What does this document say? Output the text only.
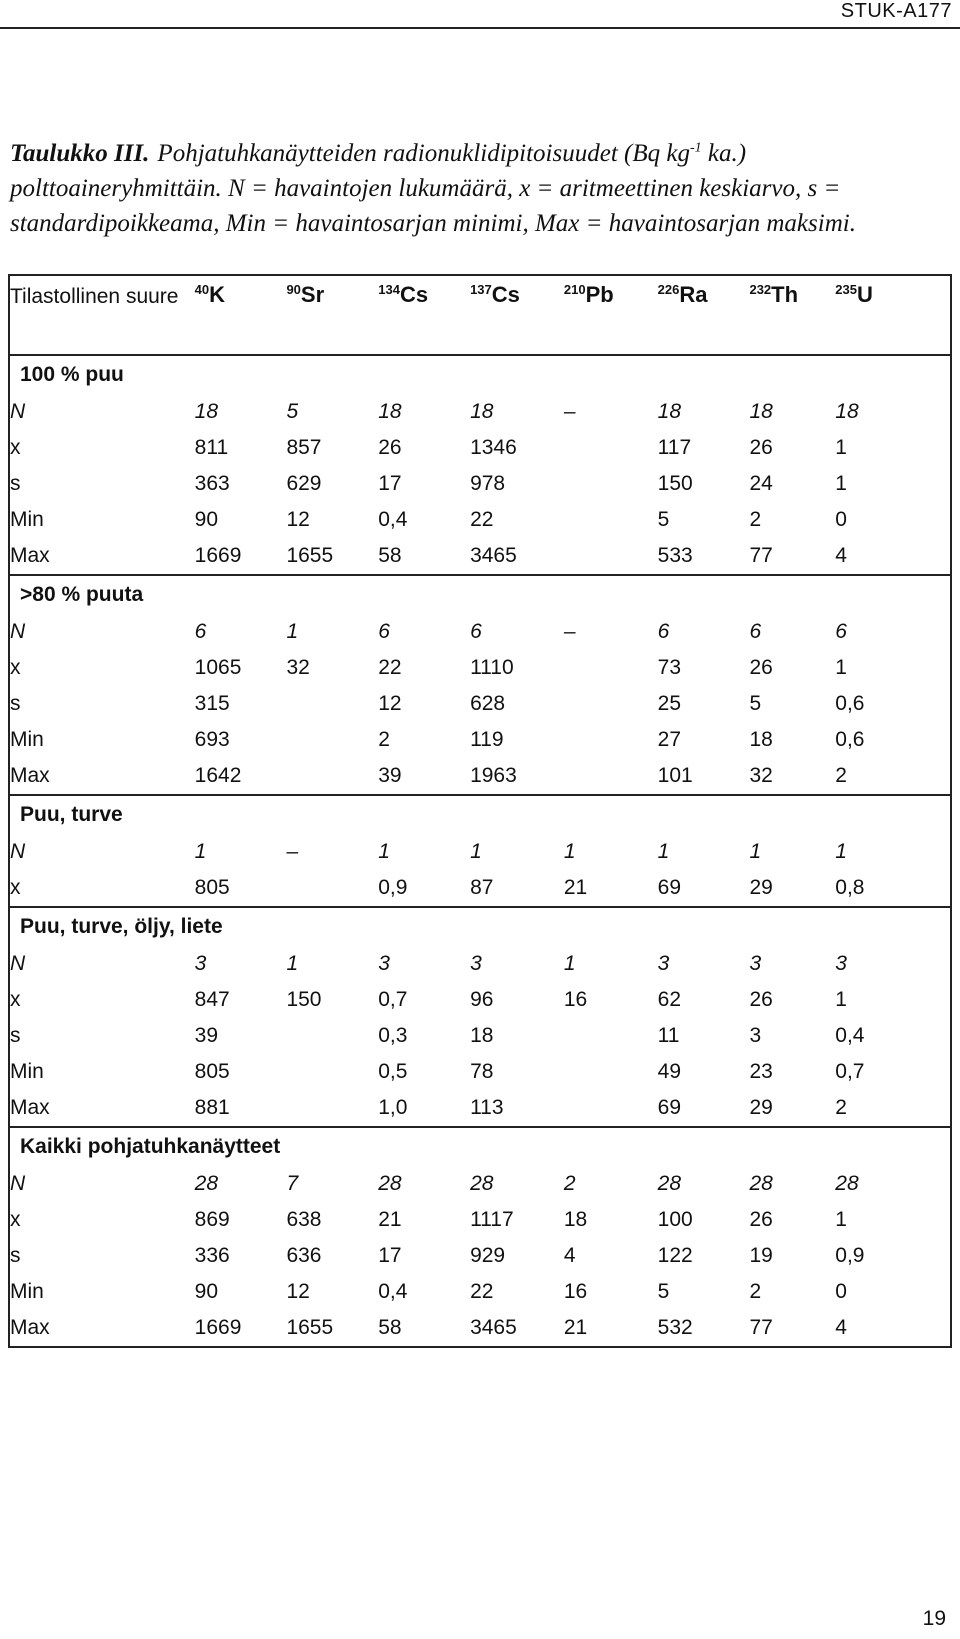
STUK-A177
Taulukko III. Pohjatuhkanäytteiden radionuklidipitoisuudet (Bq $kg^{-1}$ ka.) polttoaineryhmittäin. N = havaintojen lukumäärä, x = aritmeettinen keskiarvo, s = standardipoikkeama, Min = havaintosarjan minimi, Max = havaintosarjan maksimi.
Tilastollinen suure	$^{40}$K	$^{90}$Sr	$^{134}$Cs	$^{137}$Cs	$^{210}$Pb	$^{226}$Ra	$^{232}$Th	$^{235}$U
100 % puu								
N	18	5	18	18	–	18	18	18
x	811	857	26	1346		117	26	1
s	363	629	17	978		150	24	1
Min	90	12	0,4	22		5	2	0
Max	1669	1655	58	3465		533	77	4
>80 % puuta								
N	6	1	6	6	–	6	6	6
x	1065	32	22	1110		73	26	1
s	315		12	628		25	5	0,6
Min	693		2	119		27	18	0,6
Max	1642		39	1963		101	32	2
Puu, turve								
N	1	–	1	1	1	1	1	1
x	805		0,9	87	21	69	29	0,8
Puu, turve, öljy, liete								
N	3	1	3	3	1	3	3	3
x	847	150	0,7	96	16	62	26	1
s	39		0,3	18		11	3	0,4
Min	805		0,5	78		49	23	0,7
Max	881		1,0	113		69	29	2
Kaikki pohjatuhkanäytteet								
N	28	7	28	28	2	28	28	28
x	869	638	21	1117	18	100	26	1
s	336	636	17	929	4	122	19	0,9
Min	90	12	0,4	22	16	5	2	0
Max	1669	1655	58	3465	21	532	77	4
19
